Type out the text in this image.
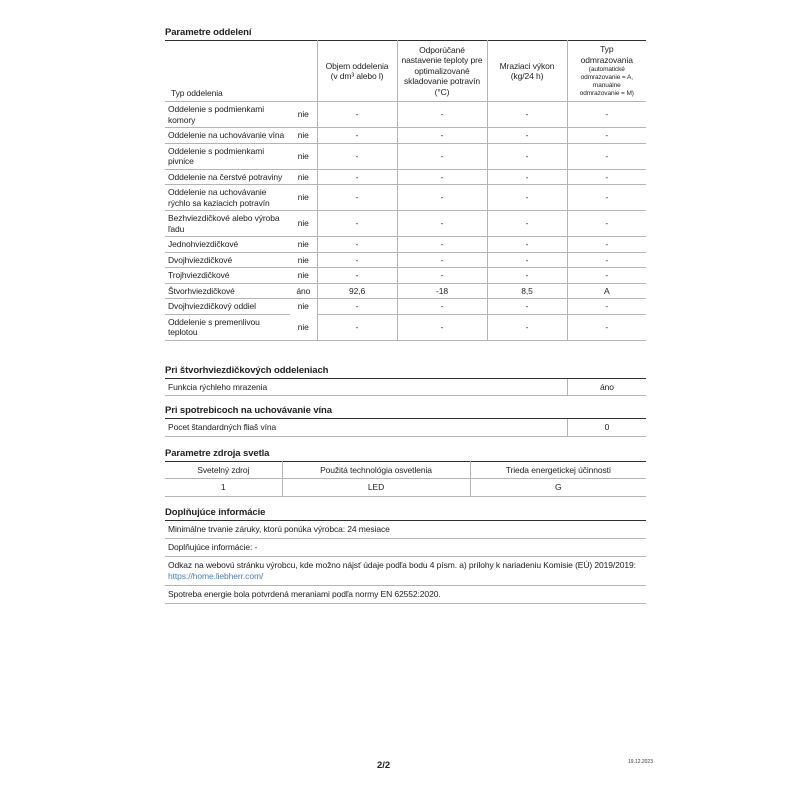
Parametre oddelení
Typ oddelenia		Objem oddelenia (v dm³ alebo l)	Odporúčané nastavenie teploty pre optimalizované skladovanie potravín (°C)	Mraziaci výkon (kg/24 h)	Typ odmrazovania
(automatické odmrazovanie = A, manuálne odmrazovanie = M)

Oddelenie s podmienkami komory	nie	-	-	-	-
Oddelenie na uchovávanie vína	nie	-	-	-	-
Oddelenie s podmienkami pivnice	nie	-	-	-	-
Oddelenie na čerstvé potraviny	nie	-	-	-	-
Oddelenie na uchovávanie rýchlo sa kaziacich potravín	nie	-	-	-	-
Bezhviezdičkové alebo výroba ľadu	nie	-	-	-	-
Jednohviezdičkové	nie	-	-	-	-
Dvojhviezdičkové	nie	-	-	-	-
Trojhviezdičkové	nie	-	-	-	-
Štvorhviezdičkové	áno	92,6	-18	8,5	A
Dvojhviezdičkový oddiel	nie	-	-	-	-
Oddelenie s premenlivou teplotou	nie	-	-	-	-
Pri štvorhviezdičkových oddeleniach
Funkcia rýchleho mrazenia	áno
Pri spotrebicoch na uchovávanie vína
Pocet štandardných fliaš vína	0
Parametre zdroja svetla
Svetelný zdroj	Použitá technológia osvetlenia	Trieda energetickej účinnosti
1	LED	G
Doplňujúce informácie
Minimálne trvanie záruky, ktorú ponúka výrobca: 24 mesiace
Doplňujúce informácie: -
Odkaz na webovú stránku výrobcu, kde možno nájsť údaje podľa bodu 4 písm. a) prílohy k nariadeniu Komisie (EÚ) 2019/2019: https://home.liebherr.com/
Spotreba energie bola potvrdená meraniami podľa normy EN 62552:2020.
2/2	19.12.2023
